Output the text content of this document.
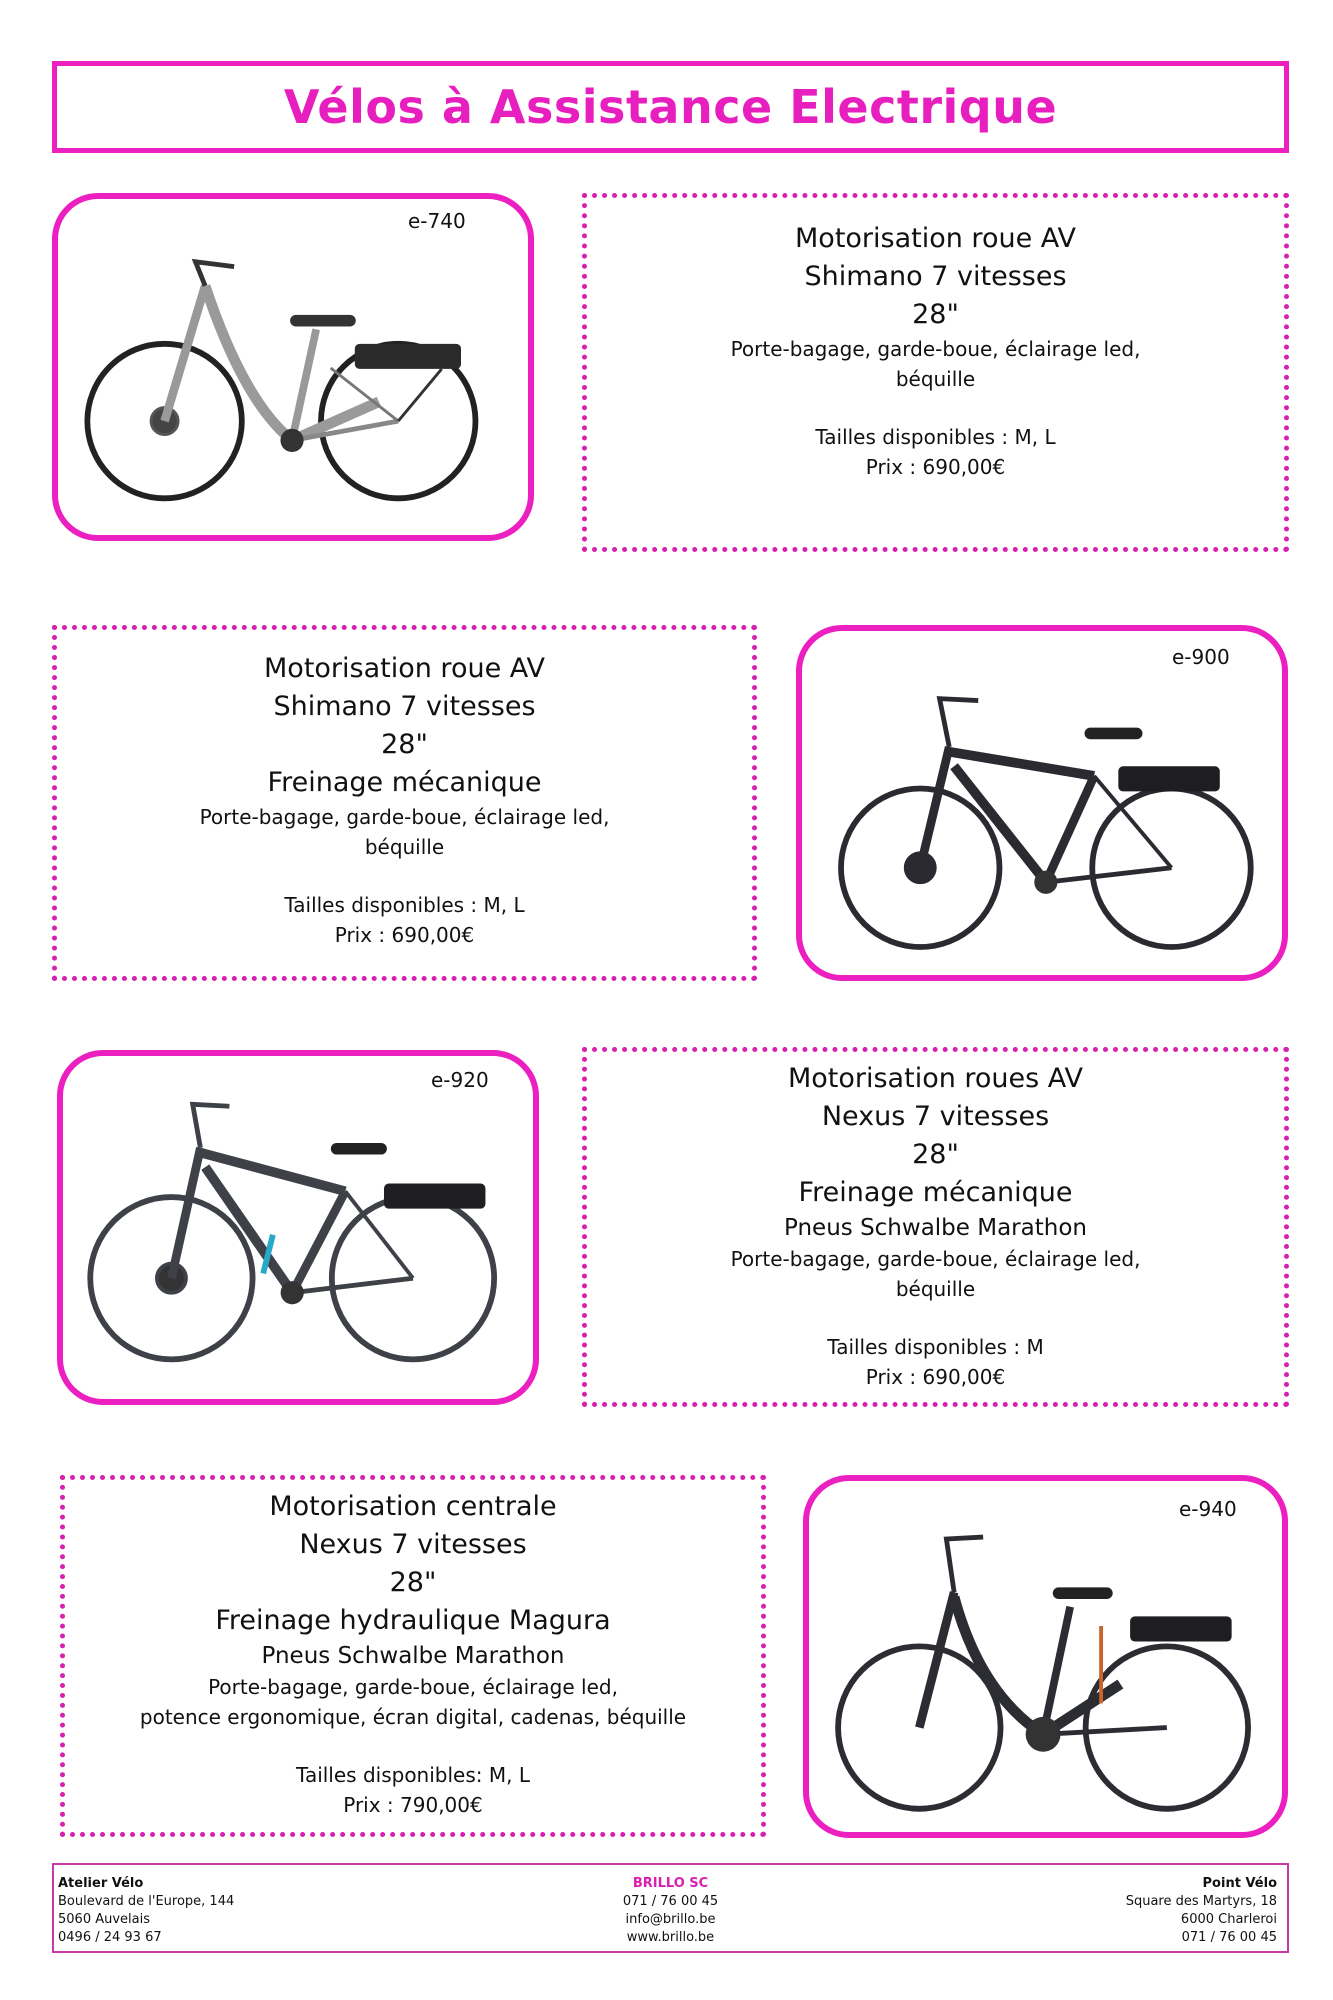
Vélos à Assistance Electrique
e-740
Motorisation roue AV
Shimano 7 vitesses
28"
Porte-bagage, garde-boue, éclairage led,
béquille
Tailles disponibles : M, L
Prix : 690,00€
Motorisation roue AV
Shimano 7 vitesses
28"
Freinage mécanique
Porte-bagage, garde-boue, éclairage led,
béquille
Tailles disponibles : M, L
Prix : 690,00€
e-900
e-920	Motorisation roues AV
Nexus 7 vitesses
28"
Freinage mécanique
Pneus Schwalbe Marathon
Porte-bagage, garde-boue, éclairage led,
béquille
Tailles disponibles : M
Prix : 690,00€
Motorisation centrale
Nexus 7 vitesses
28"
Freinage hydraulique Magura
Pneus Schwalbe Marathon
Porte-bagage, garde-boue, éclairage led,
potence ergonomique, écran digital, cadenas, béquille
Tailles disponibles: M, L
Prix : 790,00€
e-940
Atelier Vélo
Boulevard de l'Europe, 144
5060 Auvelais
0496 / 24 93 67
BRILLO SC
071 / 76 00 45
info@brillo.be
www.brillo.be
Point Vélo
Square des Martyrs, 18
6000 Charleroi
071 / 76 00 45
